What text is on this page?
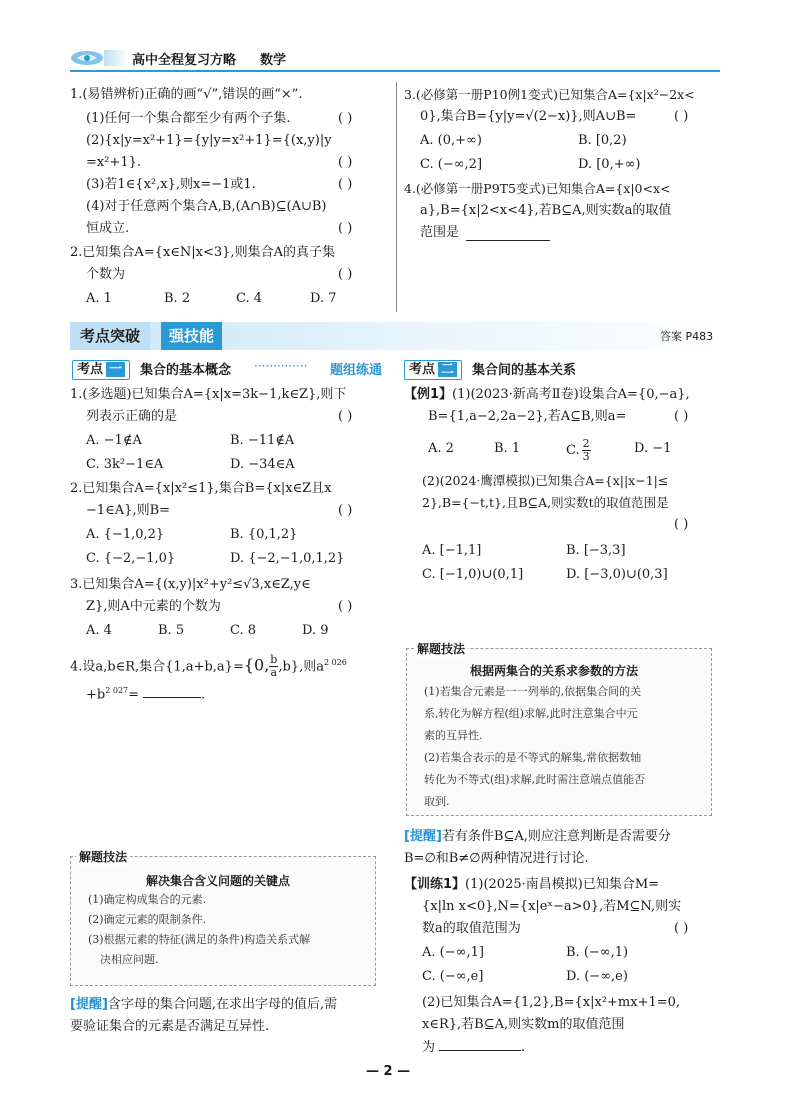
高中全程复习方略 数学
1.(易错辨析)正确的画“√”,错误的画“×”.
(1)任何一个集合都至少有两个子集.	( )
(2){x|y=x²+1}={y|y=x²+1}={(x,y)|y
=x²+1}.	( )
(3)若1∈{x²,x},则x=−1或1.	( )
(4)对于任意两个集合A,B,(A∩B)⊆(A∪B)
恒成立.	( )
2.已知集合A={x∈N|x<3},则集合A的真子集
个数为	( )
A. 1	B. 2	C. 4	D. 7
3.(必修第一册P10例1变式)已知集合A={x|x²−2x<
0},集合B={y|y=√(2−x)},则A∪B=	( )
A. (0,+∞)	B. [0,2)
C. (−∞,2]	D. [0,+∞)
4.(必修第一册P9T5变式)已知集合A={x|0<x<
a},B={x|2<x<4},若B⊆A,则实数a的取值
范围是
考点突破	强技能	答案 P483
考点 一	集合的基本概念 ·············· 题组练通
1.(多选题)已知集合A={x|x=3k−1,k∈Z},则下
列表示正确的是	( )
A. −1∉A	B. −11∉A
C. 3k²−1∈A	D. −34∈A
2.已知集合A={x|x²≤1},集合B={x|x∈Z且x
−1∈A},则B=	( )
A. {−1,0,2}	B. {0,1,2}
C. {−2,−1,0}	D. {−2,−1,0,1,2}
3.已知集合A={(x,y)|x²+y²≤√3,x∈Z,y∈
Z},则A中元素的个数为	( )
A. 4	B. 5	C. 8	D. 9
4.设a,b∈R,集合{1,a+b,a}={0, $\frac{b}{a} ,b$},则$a^{2 026}$
$+b^{2 027}=$	.
解题技法
解决集合含义问题的关键点
(1)确定构成集合的元素.
(2)确定元素的限制条件.
(3)根据元素的特征(满足的条件)构造关系式解
决相应问题.
[提醒]含字母的集合问题,在求出字母的值后,需
要验证集合的元素是否满足互异性.
考点 二	集合间的基本关系
【例1】(1)(2023·新高考Ⅱ卷)设集合A={0,−a},
B={1,a−2,2a−2},若A⊆B,则a=	( )
A. 2	B. 1	C. $\frac{2}{3}$	D. −1
(2)(2024·鹰潭模拟)已知集合A={x||x−1|≤
2},B={−t,t},且B⊆A,则实数t的取值范围是
( )
A. [−1,1]	B. [−3,3]
C. [−1,0)∪(0,1]	D. [−3,0)∪(0,3]
解题技法
根据两集合的关系求参数的方法
(1)若集合元素是一一列举的,依据集合间的关
系,转化为解方程(组)求解,此时注意集合中元
素的互异性.
(2)若集合表示的是不等式的解集,常依据数轴
转化为不等式(组)求解,此时需注意端点值能否
取到.
[提醒]若有条件B⊆A,则应注意判断是否需要分
B=∅和B≠∅两种情况进行讨论.
【训练1】(1)(2025·南昌模拟)已知集合M=
{x|ln x<0},N={x|eˣ−a>0},若M⊆N,则实
数a的取值范围为	( )
A. (−∞,1]	B. (−∞,1)
C. (−∞,e]	D. (−∞,e)
(2)已知集合A={1,2},B={x|x²+mx+1=0,
x∈R},若B⊆A,则实数m的取值范围
为	.
— 2 —
